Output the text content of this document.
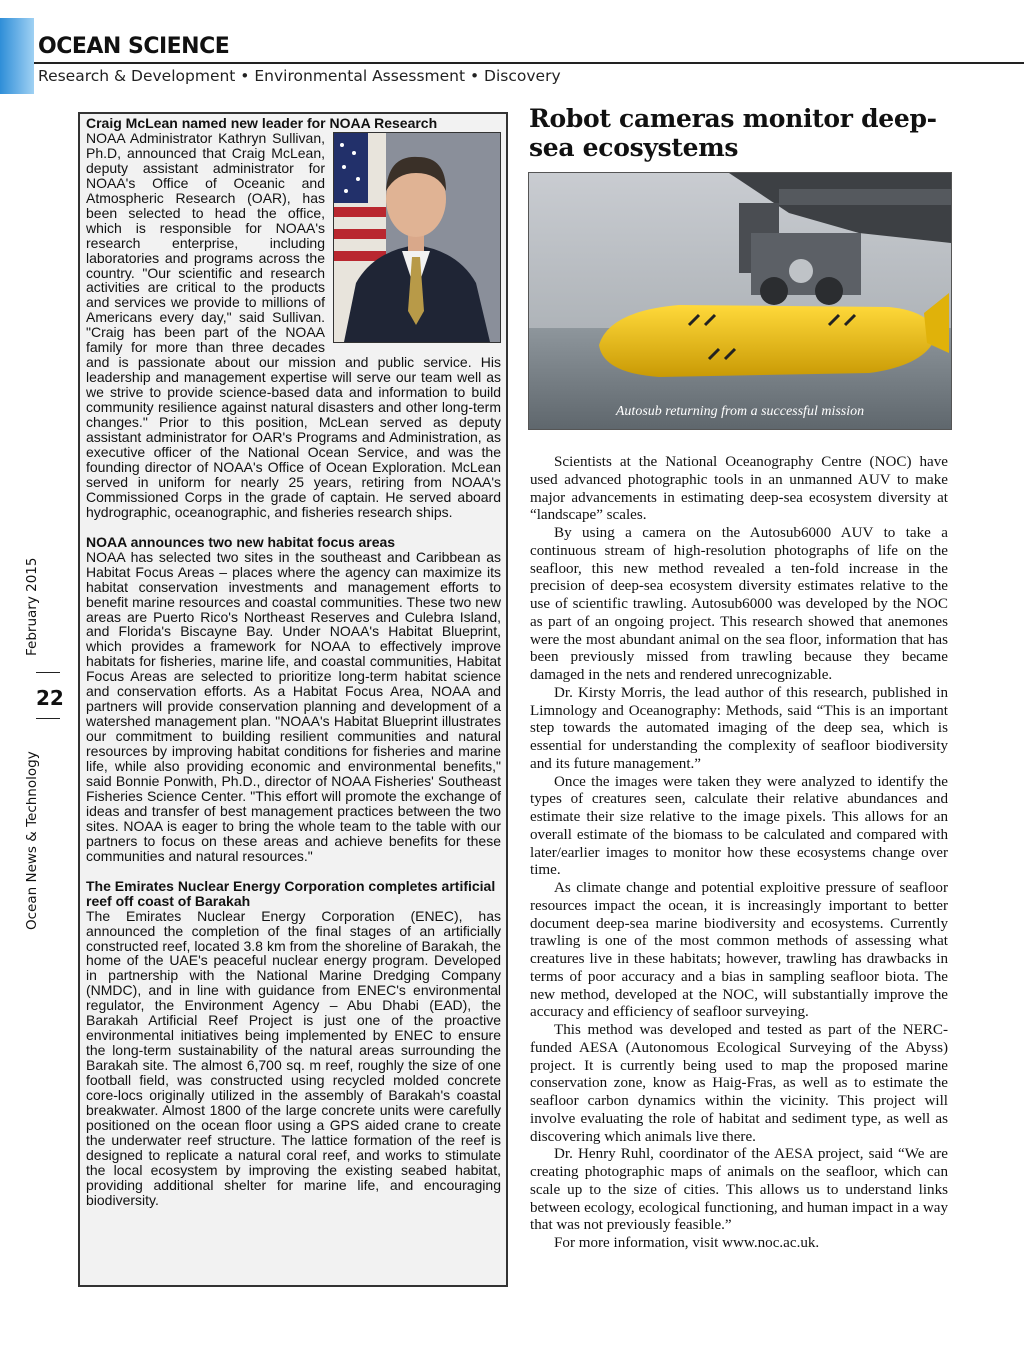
OCEAN SCIENCE
Research & Development • Environmental Assessment • Discovery
Ocean News & Technology
22
February 2015

Craig McLean named new leader for NOAA Research

NOAA Administrator Kathryn Sullivan, Ph.D, announced that Craig McLean, deputy assistant administrator for NOAA's Office of Oceanic and Atmospheric Research (OAR), has been selected to head the office, which is responsible for NOAA's research enterprise, including laboratories and programs across the country. "Our scientific and research activities are critical to the products and services we provide to millions of Americans every day," said Sullivan. "Craig has been part of the NOAA family for more than three decades and is passionate about our mission and public service. His leadership and management expertise will serve our team well as we strive to provide science-based data and information to build community resilience against natural disasters and other long-term changes." Prior to this position, McLean served as deputy assistant administrator for OAR's Programs and Administration, as executive officer of the National Ocean Service, and was the founding director of NOAA's Office of Ocean Exploration. McLean served in uniform for nearly 25 years, retiring from NOAA's Commissioned Corps in the grade of captain. He served aboard hydrographic, oceanographic, and fisheries research ships.

NOAA announces two new habitat focus areas

NOAA has selected two sites in the southeast and Caribbean as Habitat Focus Areas – places where the agency can maximize its habitat conservation investments and management efforts to benefit marine resources and coastal communities. These two new areas are Puerto Rico's Northeast Reserves and Culebra Island, and Florida's Biscayne Bay. Under NOAA's Habitat Blueprint, which provides a framework for NOAA to effectively improve habitats for fisheries, marine life, and coastal communities, Habitat Focus Areas are selected to prioritize long-term habitat science and conservation efforts. As a Habitat Focus Area, NOAA and partners will provide conservation planning and development of a watershed management plan. "NOAA's Habitat Blueprint illustrates our commitment to building resilient communities and natural resources by improving habitat conditions for fisheries and marine life, while also providing economic and environmental benefits," said Bonnie Ponwith, Ph.D., director of NOAA Fisheries' Southeast Fisheries Science Center. "This effort will promote the exchange of ideas and transfer of best management practices between the two sites. NOAA is eager to bring the whole team to the table with our partners to focus on these areas and achieve benefits for these communities and natural resources."

The Emirates Nuclear Energy Corporation completes artificial reef off coast of Barakah

The Emirates Nuclear Energy Corporation (ENEC), has announced the completion of the final stages of an artificially constructed reef, located 3.8 km from the shoreline of Barakah, the home of the UAE's peaceful nuclear energy program. Developed in partnership with the National Marine Dredging Company (NMDC), and in line with guidance from ENEC's environmental regulator, the Environment Agency – Abu Dhabi (EAD), the Barakah Artificial Reef Project is just one of the proactive environmental initiatives being implemented by ENEC to ensure the long-term sustainability of the natural areas surrounding the Barakah site. The almost 6,700 sq. m reef, roughly the size of one football field, was constructed using recycled molded concrete core-locs originally utilized in the assembly of Barakah's coastal breakwater. Almost 1800 of the large concrete units were carefully positioned on the ocean floor using a GPS aided crane to create the underwater reef structure. The lattice formation of the reef is designed to replicate a natural coral reef, and works to stimulate the local ecosystem by improving the existing seabed habitat, providing additional shelter for marine life, and encouraging biodiversity.

Robot cameras monitor deep-sea ecosystems
Autosub returning from a successful mission

Scientists at the National Oceanography Centre (NOC) have used advanced photographic tools in an unmanned AUV to make major advancements in estimating deep-sea ecosystem diversity at “landscape” scales.

By using a camera on the Autosub6000 AUV to take a continuous stream of high-resolution photographs of life on the seafloor, this new method revealed a ten-fold increase in the precision of deep-sea ecosystem diversity estimates relative to the use of scientific trawling. Autosub6000 was developed by the NOC as part of an ongoing project. This research showed that anemones were the most abundant animal on the sea floor, information that has been previously missed from trawling because they became damaged in the nets and rendered unrecognizable.

Dr. Kirsty Morris, the lead author of this research, published in Limnology and Oceanography: Methods, said “This is an important step towards the automated imaging of the deep sea, which is essential for understanding the complexity of seafloor biodiversity and its future management.”

Once the images were taken they were analyzed to identify the types of creatures seen, calculate their relative abundances and estimate their size relative to the image pixels. This allows for an overall estimate of the biomass to be calculated and compared with later/earlier images to monitor how these ecosystems change over time.

As climate change and potential exploitive pressure of seafloor resources impact the ocean, it is increasingly important to better document deep-sea marine biodiversity and ecosystems. Currently trawling is one of the most common methods of assessing what creatures live in these habitats; however, trawling has drawbacks in terms of poor accuracy and a bias in sampling seafloor biota. The new method, developed at the NOC, will substantially improve the accuracy and efficiency of seafloor surveying.

This method was developed and tested as part of the NERC-funded AESA (Autonomous Ecological Surveying of the Abyss) project. It is currently being used to map the proposed marine conservation zone, know as Haig-Fras, as well as to estimate the seafloor carbon dynamics within the vicinity. This project will involve evaluating the role of habitat and sediment type, as well as discovering which animals live there.

Dr. Henry Ruhl, coordinator of the AESA project, said “We are creating photographic maps of animals on the seafloor, which can scale up to the size of cities. This allows us to understand links between ecology, ecological functioning, and human impact in a way that was not previously feasible.”

For more information, visit www.noc.ac.uk.
